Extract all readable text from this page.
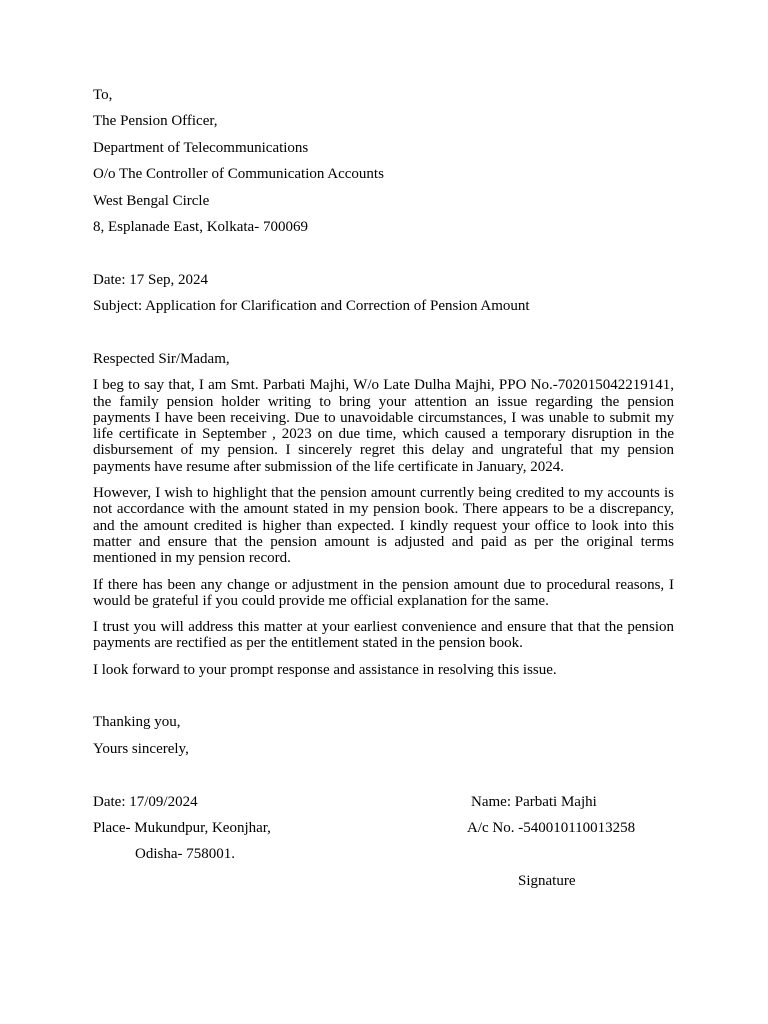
To,
The Pension Officer,
Department of Telecommunications
O/o The Controller of Communication Accounts
West Bengal Circle
8, Esplanade East, Kolkata- 700069
Date: 17 Sep, 2024
Subject: Application for Clarification and Correction of Pension Amount
Respected Sir/Madam,
I beg to say that, I am Smt. Parbati Majhi, W/o Late Dulha Majhi, PPO No.-702015042219141, the family pension holder writing to bring your attention an issue regarding the pension payments I have been receiving. Due to unavoidable circumstances, I was unable to submit my life certificate in September , 2023 on due time, which caused a temporary disruption in the disbursement of my pension. I sincerely regret this delay and ungrateful that my pension payments have resume after submission of the life certificate in January, 2024.
However, I wish to highlight that the pension amount currently being credited to my accounts is not accordance with the amount stated in my pension book. There appears to be a discrepancy, and the amount credited is higher than expected. I kindly request your office to look into this matter and ensure that the pension amount is adjusted and paid as per the original terms mentioned in my pension record.
If there has been any change or adjustment in the pension amount due to procedural reasons, I would be grateful if you could provide me official explanation for the same.
I trust you will address this matter at your earliest convenience and ensure that that the pension payments are rectified as per the entitlement stated in the pension book.
I look forward to your prompt response and assistance in resolving this issue.
Thanking you,
Yours sincerely,
Date: 17/09/2024	Name: Parbati Majhi
Place- Mukundpur, Keonjhar,	A/c No. -540010110013258
Odisha- 758001.
Signature
